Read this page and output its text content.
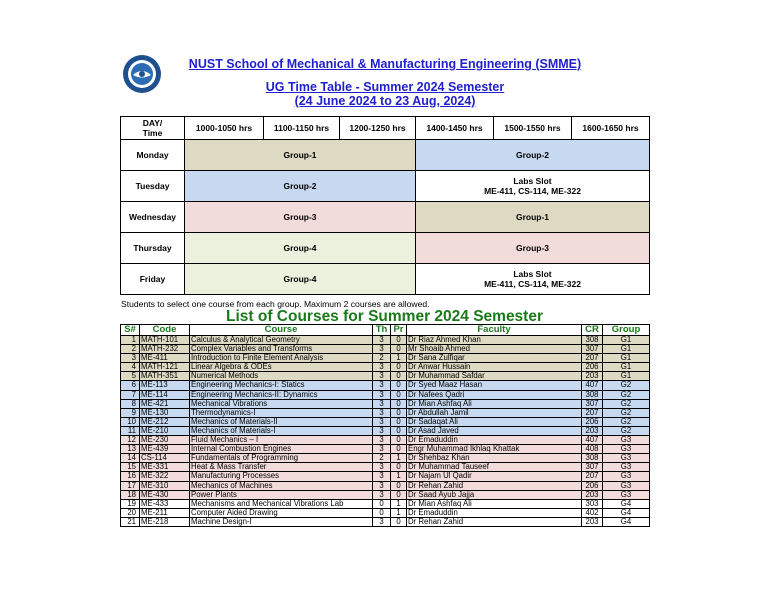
NUST School of Mechanical & Manufacturing Engineering (SMME)
UG Time Table - Summer 2024 Semester
(24 June 2024 to 23 Aug, 2024)
DAY/
Time	1000-1050 hrs	1100-1150 hrs	1200-1250 hrs	1400-1450 hrs	1500-1550 hrs	1600-1650 hrs
Monday	Group-1			Group-2		
Tuesday	Group-2			Labs Slot
ME-411, CS-114, ME-322		
Wednesday	Group-3			Group-1		
Thursday	Group-4			Group-3		
Friday	Group-4			Labs Slot
ME-411, CS-114, ME-322		
Students to select one course from each group. Maximum 2 courses are allowed.
List of Courses for Summer 2024 Semester
S#	Code	Course	Th	Pr	Faculty	CR	Group
1	MATH-101	Calculus & Analytical Geometry	3	0	Dr Riaz Ahmed Khan	308	G1
2	MATH-232	Complex Variables and Transforms	3	0	Mr Shoaib Ahmed	307	G1
3	ME-411	Introduction to Finite Element Analysis	2	1	Dr Sana Zulfiqar	207	G1
4	MATH-121	Linear Algebra & ODEs	3	0	Dr Anwar Hussain	206	G1
5	MATH-351	Numerical Methods	3	0	Dr Muhammad Safdar	203	G1
6	ME-113	Engineering Mechanics-I: Statics	3	0	Dr Syed Maaz Hasan	407	G2
7	ME-114	Engineering Mechanics-II: Dynamics	3	0	Dr Nafees Qadri	308	G2
8	ME-421	Mechanical Vibrations	3	0	Dr Mian Ashfaq Ali	307	G2
9	ME-130	Thermodynamics-I	3	0	Dr Abdullah Jamil	207	G2
10	ME-212	Mechanics of Materials-II	3	0	Dr Sadaqat Ali	206	G2
11	ME-210	Mechanics of Materials-I	3	0	Dr Asad Javed	203	G2
12	ME-230	Fluid Mechanics – I	3	0	Dr Emaduddin	407	G3
13	ME-439	Internal Combustion Engines	3	0	Engr Muhammad Ikhlaq Khattak	408	G3
14	CS-114	Fundamentals of Programming	2	1	Dr Shehbaz Khan	308	G3
15	ME-331	Heat & Mass Transfer	3	0	Dr Muhammad Tauseef	307	G3
16	ME-322	Manufacturing Processes	3	1	Dr Najam Ul Qadir	207	G3
17	ME-310	Mechanics of Machines	3	0	Dr Rehan Zahid	206	G3
18	ME-430	Power Plants	3	0	Dr Saad Ayub Jajja	203	G3
19	ME-433	Mechanisms and Mechanical Vibrations Lab	0	1	Dr Mian Ashfaq Ali	303	G4
20	ME-211	Computer Aided Drawing	0	1	Dr Emaduddin	402	G4
21	ME-218	Machine Design-I	3	0	Dr Rehan Zahid	203	G4
